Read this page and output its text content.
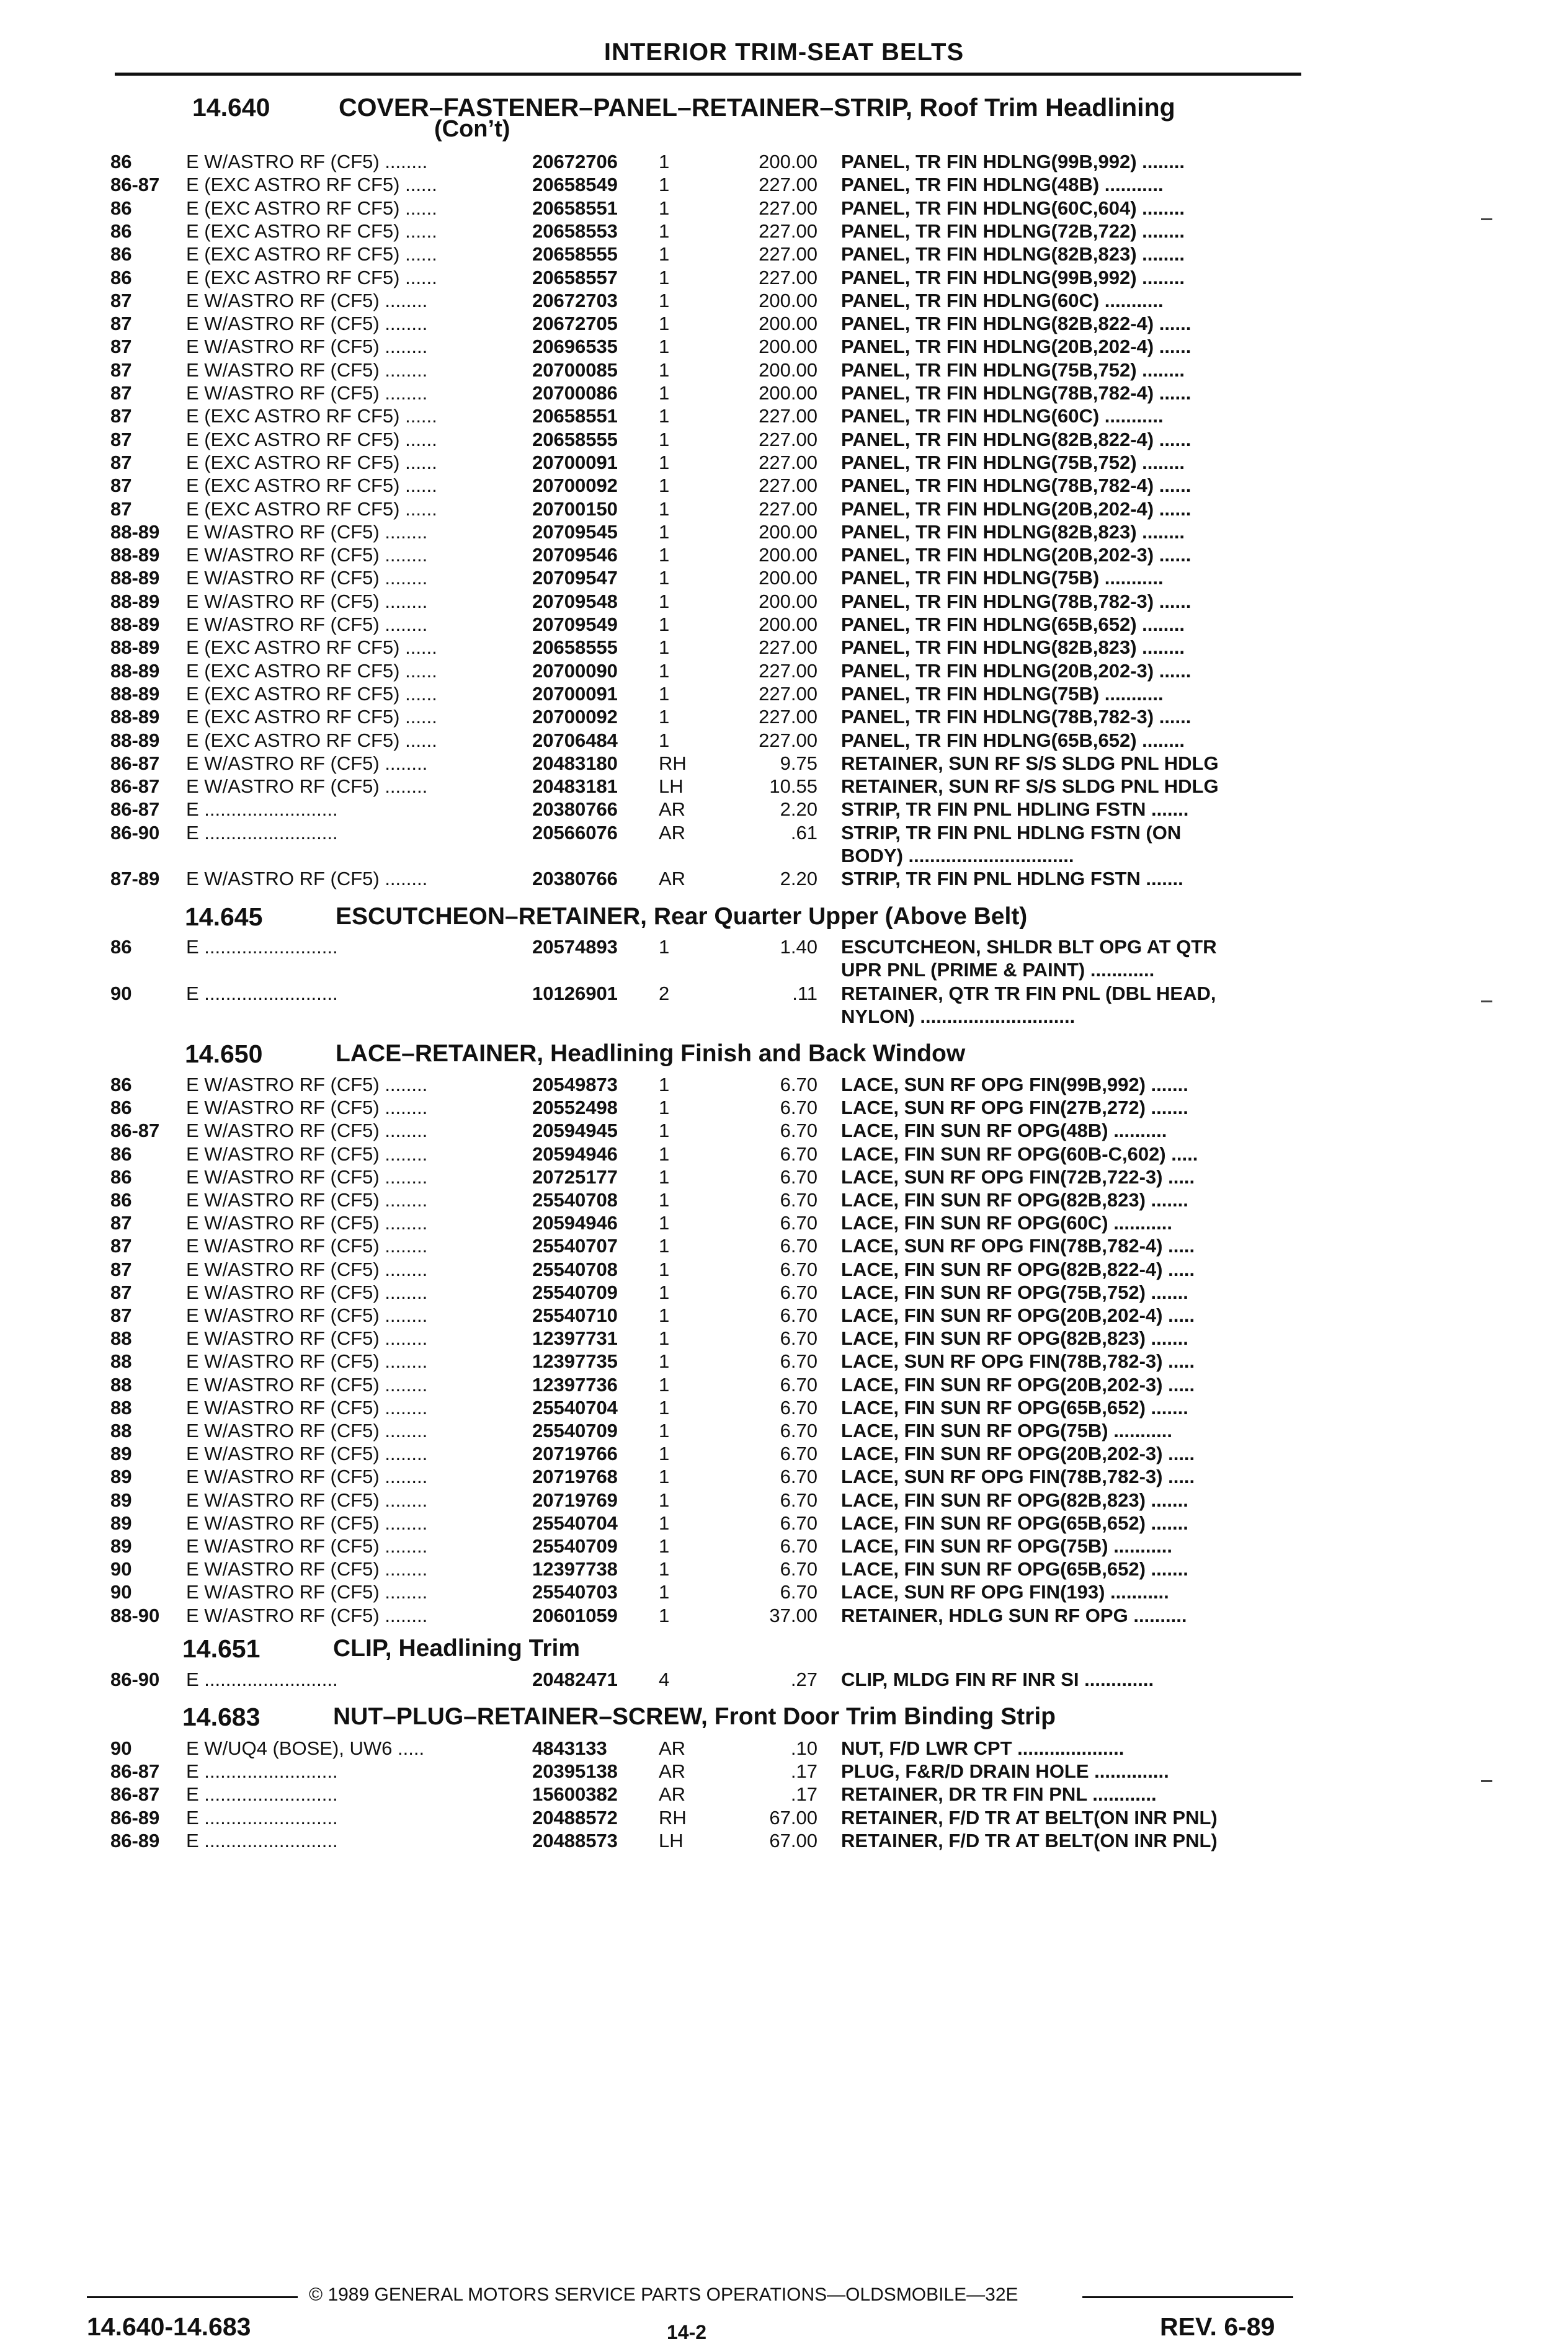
INTERIOR TRIM-SEAT BELTS
14.640	COVER–FASTENER–PANEL–RETAINER–STRIP, Roof Trim Headlining
(Con’t)
86	E W/ASTRO RF (CF5) ........	20672706	1	200.00 PANEL, TR FIN HDLNG(99B,992) ........
86-87	E (EXC ASTRO RF CF5) ......	20658549	1	227.00 PANEL, TR FIN HDLNG(48B) ...........
86	E (EXC ASTRO RF CF5) ......	20658551	1	227.00 PANEL, TR FIN HDLNG(60C,604) ........
86	E (EXC ASTRO RF CF5) ......	20658553	1	227.00 PANEL, TR FIN HDLNG(72B,722) ........
86	E (EXC ASTRO RF CF5) ......	20658555	1	227.00 PANEL, TR FIN HDLNG(82B,823) ........
86	E (EXC ASTRO RF CF5) ......	20658557	1	227.00 PANEL, TR FIN HDLNG(99B,992) ........
87	E W/ASTRO RF (CF5) ........	20672703	1	200.00 PANEL, TR FIN HDLNG(60C) ...........
87	E W/ASTRO RF (CF5) ........	20672705	1	200.00 PANEL, TR FIN HDLNG(82B,822-4) ......
87	E W/ASTRO RF (CF5) ........	20696535	1	200.00 PANEL, TR FIN HDLNG(20B,202-4) ......
87	E W/ASTRO RF (CF5) ........	20700085	1	200.00 PANEL, TR FIN HDLNG(75B,752) ........
87	E W/ASTRO RF (CF5) ........	20700086	1	200.00 PANEL, TR FIN HDLNG(78B,782-4) ......
87	E (EXC ASTRO RF CF5) ......	20658551	1	227.00 PANEL, TR FIN HDLNG(60C) ...........
87	E (EXC ASTRO RF CF5) ......	20658555	1	227.00 PANEL, TR FIN HDLNG(82B,822-4) ......
87	E (EXC ASTRO RF CF5) ......	20700091	1	227.00 PANEL, TR FIN HDLNG(75B,752) ........
87	E (EXC ASTRO RF CF5) ......	20700092	1	227.00 PANEL, TR FIN HDLNG(78B,782-4) ......
87	E (EXC ASTRO RF CF5) ......	20700150	1	227.00 PANEL, TR FIN HDLNG(20B,202-4) ......
88-89	E W/ASTRO RF (CF5) ........	20709545	1	200.00 PANEL, TR FIN HDLNG(82B,823) ........
88-89	E W/ASTRO RF (CF5) ........	20709546	1	200.00 PANEL, TR FIN HDLNG(20B,202-3) ......
88-89	E W/ASTRO RF (CF5) ........	20709547	1	200.00 PANEL, TR FIN HDLNG(75B) ...........
88-89	E W/ASTRO RF (CF5) ........	20709548	1	200.00 PANEL, TR FIN HDLNG(78B,782-3) ......
88-89	E W/ASTRO RF (CF5) ........	20709549	1	200.00 PANEL, TR FIN HDLNG(65B,652) ........
88-89	E (EXC ASTRO RF CF5) ......	20658555	1	227.00 PANEL, TR FIN HDLNG(82B,823) ........
88-89	E (EXC ASTRO RF CF5) ......	20700090	1	227.00 PANEL, TR FIN HDLNG(20B,202-3) ......
88-89	E (EXC ASTRO RF CF5) ......	20700091	1	227.00 PANEL, TR FIN HDLNG(75B) ...........
88-89	E (EXC ASTRO RF CF5) ......	20700092	1	227.00 PANEL, TR FIN HDLNG(78B,782-3) ......
88-89	E (EXC ASTRO RF CF5) ......	20706484	1	227.00 PANEL, TR FIN HDLNG(65B,652) ........
86-87	E W/ASTRO RF (CF5) ........	20483180	RH	9.75 RETAINER, SUN RF S/S SLDG PNL HDLG
86-87	E W/ASTRO RF (CF5) ........	20483181	LH	10.55 RETAINER, SUN RF S/S SLDG PNL HDLG
86-87	E .........................	20380766	AR	2.20 STRIP, TR FIN PNL HDLING FSTN .......
86-90	E .........................	20566076	AR	.61 STRIP, TR FIN PNL HDLNG FSTN (ON
BODY) ...............................
87-89	E W/ASTRO RF (CF5) ........	20380766	AR	2.20 STRIP, TR FIN PNL HDLNG FSTN .......
14.645	ESCUTCHEON–RETAINER, Rear Quarter Upper (Above Belt)
86	E .........................	20574893	1	1.40 ESCUTCHEON, SHLDR BLT OPG AT QTR
UPR PNL (PRIME & PAINT) ............
90	E .........................	10126901	2	.11 RETAINER, QTR TR FIN PNL (DBL HEAD,
NYLON) .............................
14.650	LACE–RETAINER, Headlining Finish and Back Window
86	E W/ASTRO RF (CF5) ........	20549873	1	6.70 LACE, SUN RF OPG FIN(99B,992) .......
86	E W/ASTRO RF (CF5) ........	20552498	1	6.70 LACE, SUN RF OPG FIN(27B,272) .......
86-87	E W/ASTRO RF (CF5) ........	20594945	1	6.70 LACE, FIN SUN RF OPG(48B) ..........
86	E W/ASTRO RF (CF5) ........	20594946	1	6.70 LACE, FIN SUN RF OPG(60B-C,602) .....
86	E W/ASTRO RF (CF5) ........	20725177	1	6.70 LACE, SUN RF OPG FIN(72B,722-3) .....
86	E W/ASTRO RF (CF5) ........	25540708	1	6.70 LACE, FIN SUN RF OPG(82B,823) .......
87	E W/ASTRO RF (CF5) ........	20594946	1	6.70 LACE, FIN SUN RF OPG(60C) ...........
87	E W/ASTRO RF (CF5) ........	25540707	1	6.70 LACE, SUN RF OPG FIN(78B,782-4) .....
87	E W/ASTRO RF (CF5) ........	25540708	1	6.70 LACE, FIN SUN RF OPG(82B,822-4) .....
87	E W/ASTRO RF (CF5) ........	25540709	1	6.70 LACE, FIN SUN RF OPG(75B,752) .......
87	E W/ASTRO RF (CF5) ........	25540710	1	6.70 LACE, FIN SUN RF OPG(20B,202-4) .....
88	E W/ASTRO RF (CF5) ........	12397731	1	6.70 LACE, FIN SUN RF OPG(82B,823) .......
88	E W/ASTRO RF (CF5) ........	12397735	1	6.70 LACE, SUN RF OPG FIN(78B,782-3) .....
88	E W/ASTRO RF (CF5) ........	12397736	1	6.70 LACE, FIN SUN RF OPG(20B,202-3) .....
88	E W/ASTRO RF (CF5) ........	25540704	1	6.70 LACE, FIN SUN RF OPG(65B,652) .......
88	E W/ASTRO RF (CF5) ........	25540709	1	6.70 LACE, FIN SUN RF OPG(75B) ...........
89	E W/ASTRO RF (CF5) ........	20719766	1	6.70 LACE, FIN SUN RF OPG(20B,202-3) .....
89	E W/ASTRO RF (CF5) ........	20719768	1	6.70 LACE, SUN RF OPG FIN(78B,782-3) .....
89	E W/ASTRO RF (CF5) ........	20719769	1	6.70 LACE, FIN SUN RF OPG(82B,823) .......
89	E W/ASTRO RF (CF5) ........	25540704	1	6.70 LACE, FIN SUN RF OPG(65B,652) .......
89	E W/ASTRO RF (CF5) ........	25540709	1	6.70 LACE, FIN SUN RF OPG(75B) ...........
90	E W/ASTRO RF (CF5) ........	12397738	1	6.70 LACE, FIN SUN RF OPG(65B,652) .......
90	E W/ASTRO RF (CF5) ........	25540703	1	6.70 LACE, SUN RF OPG FIN(193) ...........
88-90	E W/ASTRO RF (CF5) ........	20601059	1	37.00 RETAINER, HDLG SUN RF OPG ..........
14.651	CLIP, Headlining Trim
86-90	E .........................	20482471	4	.27 CLIP, MLDG FIN RF INR SI .............
14.683	NUT–PLUG–RETAINER–SCREW, Front Door Trim Binding Strip
90	E W/UQ4 (BOSE), UW6 .....	4843133	AR	.10 NUT, F/D LWR CPT ....................
86-87	E .........................	20395138	AR	.17 PLUG, F&R/D DRAIN HOLE ..............
86-87	E .........................	15600382	AR	.17 RETAINER, DR TR FIN PNL ............
86-89	E .........................	20488572	RH	67.00 RETAINER, F/D TR AT BELT(ON INR PNL)
86-89	E .........................	20488573	LH	67.00 RETAINER, F/D TR AT BELT(ON INR PNL)
© 1989 GENERAL MOTORS SERVICE PARTS OPERATIONS—OLDSMOBILE—32E
14.640-14.683	14-2	REV. 6-89
